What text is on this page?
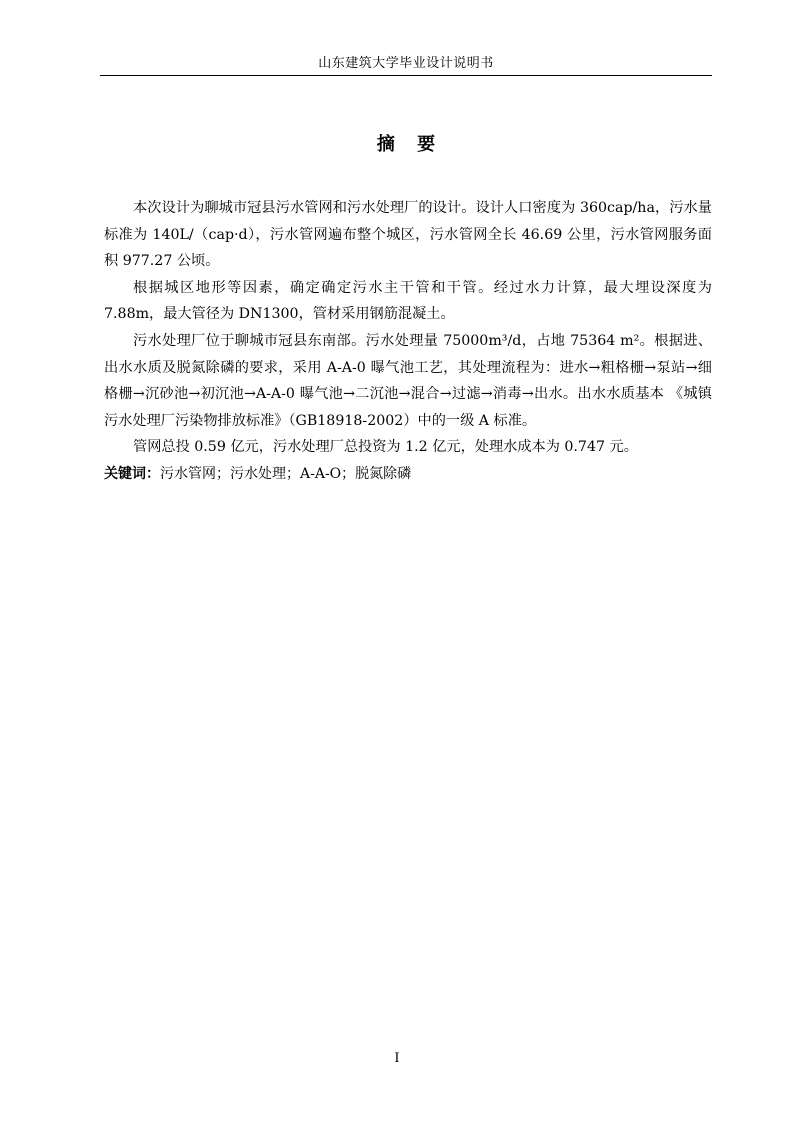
山东建筑大学毕业设计说明书
摘 要

本次设计为聊城市冠县污水管网和污水处理厂的设计。设计人口密度为 360cap/ha，污水量标准为 140L/（cap·d），污水管网遍布整个城区，污水管网全长 46.69 公里，污水管网服务面积 977.27 公顷。

根据城区地形等因素，确定确定污水主干管和干管。经过水力计算，最大埋设深度为 7.88m，最大管径为 DN1300，管材采用钢筋混凝土。

污水处理厂位于聊城市冠县东南部。污水处理量 75000m³/d，占地 75364 m²。根据进、出水水质及脱氮除磷的要求，采用 A-A-0 曝气池工艺，其处理流程为：进水→粗格栅→泵站→细格栅→沉砂池→初沉池→A-A-0 曝气池→二沉池→混合→过滤→消毒→出水。出水水质基本 《城镇污水处理厂污染物排放标准》（GB18918-2002）中的一级 A 标准。

管网总投 0.59 亿元，污水处理厂总投资为 1.2 亿元，处理水成本为 0.747 元。

关键词：污水管网；污水处理；A-A-O；脱氮除磷

I
